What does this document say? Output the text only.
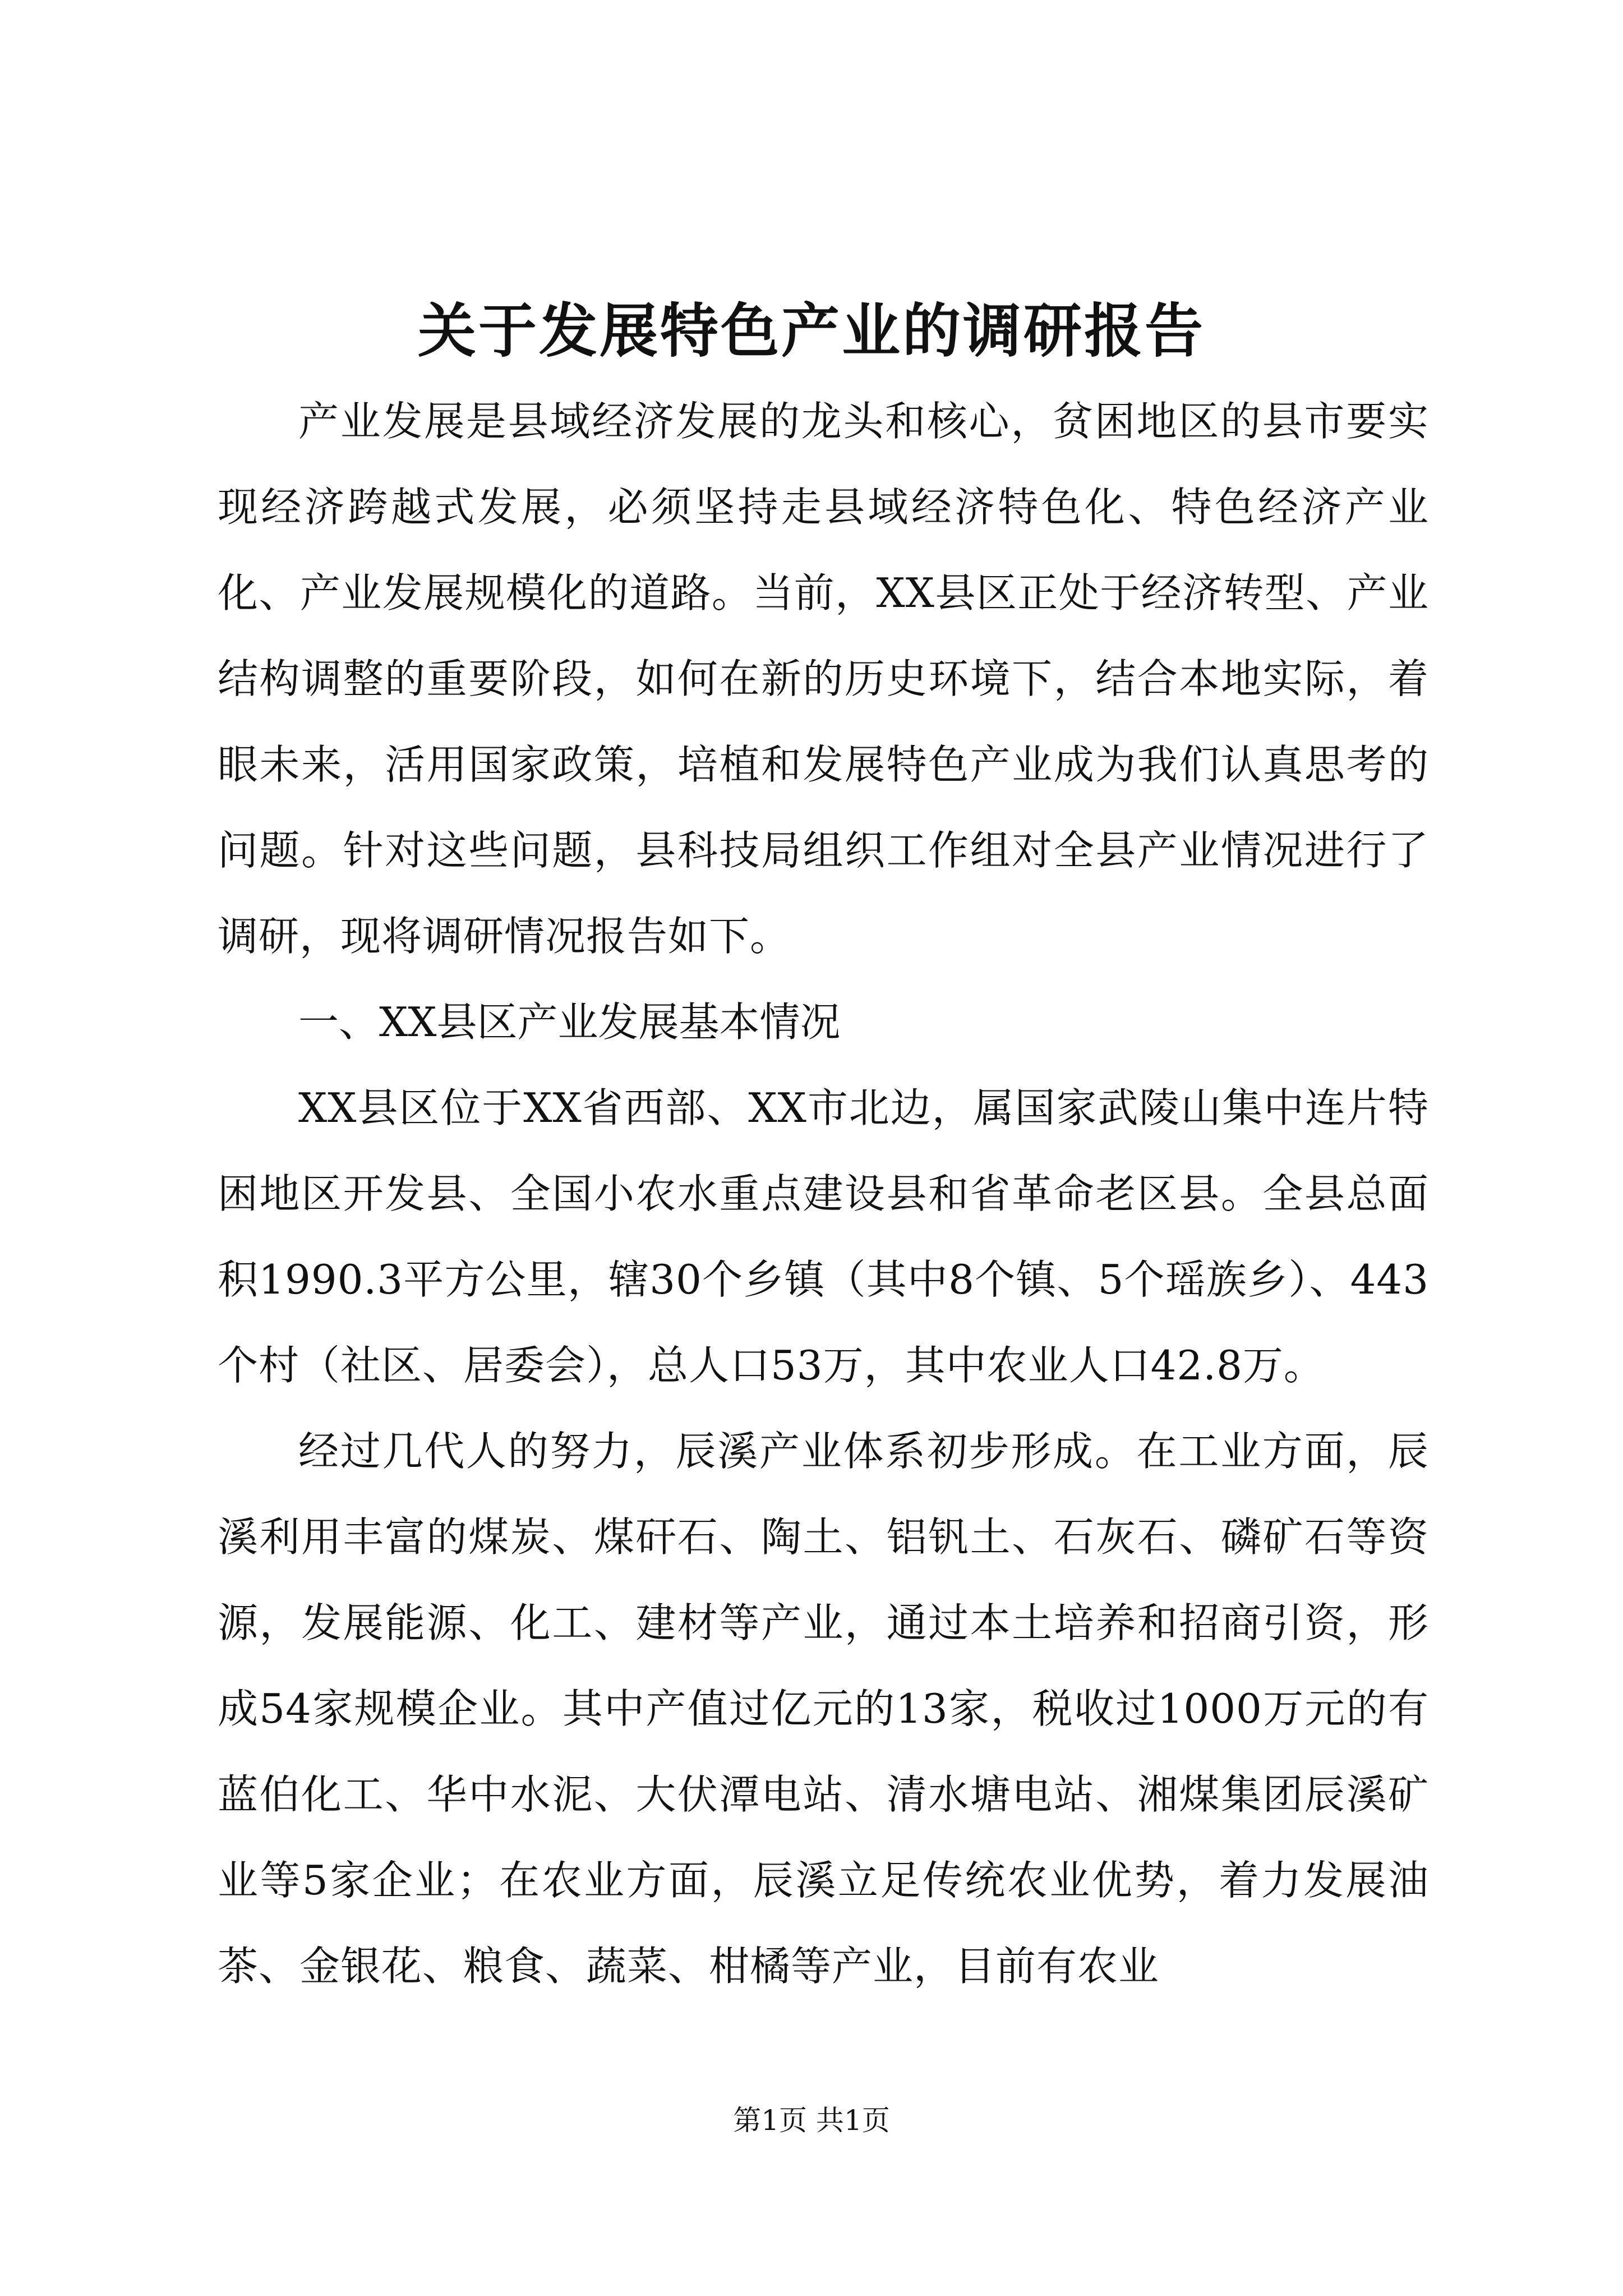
关于发展特色产业的调研报告

产业发展是县域经济发展的龙头和核心，贫困地区的县市要实现经济跨越式发展，必须坚持走县域经济特色化、特色经济产业化、产业发展规模化的道路。当前，XX县区正处于经济转型、产业结构调整的重要阶段，如何在新的历史环境下，结合本地实际，着眼未来，活用国家政策，培植和发展特色产业成为我们认真思考的问题。针对这些问题，县科技局组织工作组对全县产业情况进行了调研，现将调研情况报告如下。

一、XX县区产业发展基本情况

XX县区位于XX省西部、XX市北边，属国家武陵山集中连片特困地区开发县、全国小农水重点建设县和省革命老区县。全县总面积1990.3平方公里，辖30个乡镇（其中8个镇、5个瑶族乡）、443个村（社区、居委会），总人口53万，其中农业人口42.8万。

经过几代人的努力，辰溪产业体系初步形成。在工业方面，辰溪利用丰富的煤炭、煤矸石、陶土、铝钒土、石灰石、磷矿石等资源，发展能源、化工、建材等产业，通过本土培养和招商引资，形成54家规模企业。其中产值过亿元的13家，税收过1000万元的有蓝伯化工、华中水泥、大伏潭电站、清水塘电站、湘煤集团辰溪矿业等5家企业；在农业方面，辰溪立足传统农业优势，着力发展油茶、金银花、粮食、蔬菜、柑橘等产业，目前有农业

第1页 共1页
